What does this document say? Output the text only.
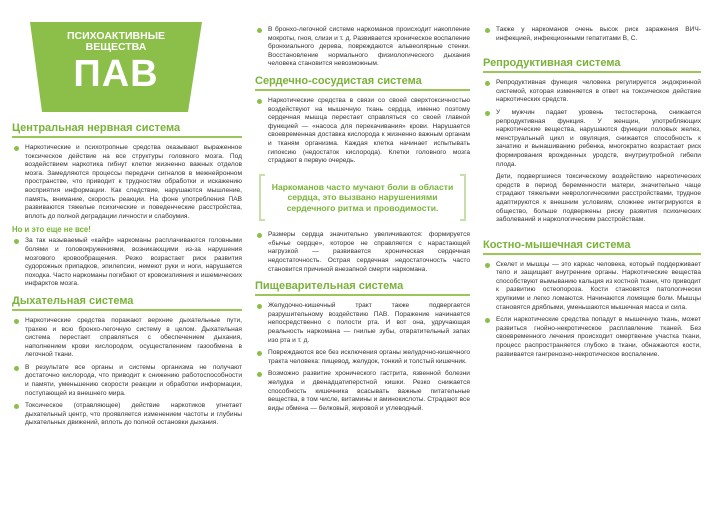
ПСИХОАКТИВНЫЕ
ВЕЩЕСТВА
ПАВ
Центральная нервная система
Наркотические и психотропные средства оказывают выраженное токсическое действие на все структуры головного мозга. Под воздействием наркотика гибнут клетки жизненно важных отделов мозга. Замедляются процессы передачи сигналов в межнейронном пространстве, что приводит к трудностям обработки и искажению восприятия информации. Как следствие, нарушаются мышление, память, внимание, скорость реакции. На фоне употребления ПАВ развиваются тяжелые психические и поведенческие расстройства, вплоть до полной деградации личности и слабоумия.
Но и это еще не все!
За так называемый «кайф» наркоманы расплачиваются головными болями и головокружениями, возникающими из-за нарушения мозгового кровообращения. Резко возрастает риск развития судорожных припадков, эпилепсии, немеют руки и ноги, нарушается походка. Часто наркоманы погибают от кровоизлияния и ишемических инфарктов мозга.
Дыхательная система
Наркотические средства поражают верхние дыхательные пути, трахею и всю бронхо-легочную систему в целом. Дыхательная система перестает справляться с обеспечением дыхания, наполнением крови кислородом, осуществлением газообмена в легочной ткани.
В результате все органы и системы организма не получают достаточно кислорода, что приводит к снижению работоспособности и памяти, уменьшению скорости реакции и обработки информации, поступающей из внешнего мира.
Токсическое (отравляющее) действие наркотиков угнетает дыхательный центр, что проявляется изменением частоты и глубины дыхательных движений, вплоть до полной остановки дыхания.
В бронхо-легочной системе наркоманов происходит накопление мокроты, гноя, слизи и т. д. Развивается хроническое воспаление бронхиального дерева, повреждаются альвеолярные стенки. Восстановление нормального физиологического дыхания человека становится невозможным.
Сердечно-сосудистая система
Наркотические средства в связи со своей сверхтоксичностью воздействуют на мышечную ткань сердца, именно поэтому сердечная мышца перестает справляться со своей главной функцией — «насоса для перекачивания» крови. Нарушается своевременная доставка кислорода к жизненно важным органам и тканям организма. Каждая клетка начинает испытывать гипоксию (недостаток кислорода). Клетки головного мозга страдают в первую очередь.
Наркоманов часто мучают боли в области сердца, это вызвано нарушениями сердечного ритма и проводимости.
Размеры сердца значительно увеличиваются: формируется «бычье сердце», которое не справляется с нарастающей нагрузкой — развивается хроническая сердечная недостаточность. Острая сердечная недостаточность часто становится причиной внезапной смерти наркомана.
Пищеварительная система
Желудочно-кишечный тракт также подвергается разрушительному воздействию ПАВ. Поражение начинается непосредственно с полости рта. И вот она, удручающая реальность наркомана — гнилые зубы, отвратительный запах изо рта и т. д.
Повреждаются все без исключения органы желудочно-кишечного тракта человека: пищевод, желудок, тонкий и толстый кишечник.
Возможно развитие хронического гастрита, язвенной болезни желудка и двенадцатиперстной кишки. Резко снижается способность кишечника всасывать важные питательные вещества, в том числе, витамины и аминокислоты. Страдают все виды обмена — белковый, жировой и углеводный.
Также у наркоманов очень высок риск заражения ВИЧ-инфекцией, инфекционными гепатитами В, С.
Репродуктивная система
Репродуктивная функция человека регулируется эндокринной системой, которая изменяется в ответ на токсическое действие наркотических средств.
У мужчин падает уровень тестостерона, снижается репродуктивная функция. У женщин, употребляющих наркотические вещества, нарушаются функции половых желез, менструальный цикл и овуляция, снижается способность к зачатию и вынашиванию ребенка, многократно возрастает риск формирования врожденных уродств, внутриутробной гибели плода.

Дети, подвергшиеся токсическому воздействию наркотических средств в период беременности матери, значительно чаще страдают тяжелыми неврологическими расстройствами, трудное адаптируются к внешним условиям, сложнее интегрируются в общество, больше подвержены риску развития психических заболеваний и наркологическим расстройствам.

Костно-мышечная система
Скелет и мышцы — это каркас человека, который поддерживает тело и защищает внутренние органы. Наркотические вещества способствуют вымыванию кальция из костной ткани, что приводит к развитию остеопороза. Кости становятся патологически хрупкими и легко ломаются. Начинаются ломящие боли. Мышцы становятся дряблыми, уменьшаются мышечная масса и сила.
Если наркотические средства попадут в мышечную ткань, может развиться гнойно-некротическое расплавление тканей. Без своевременного лечения происходит омертвение участка ткани, процесс распространяется глубоко в ткани, обнажаются кости, развивается гангренозно-некротическое воспаление.
